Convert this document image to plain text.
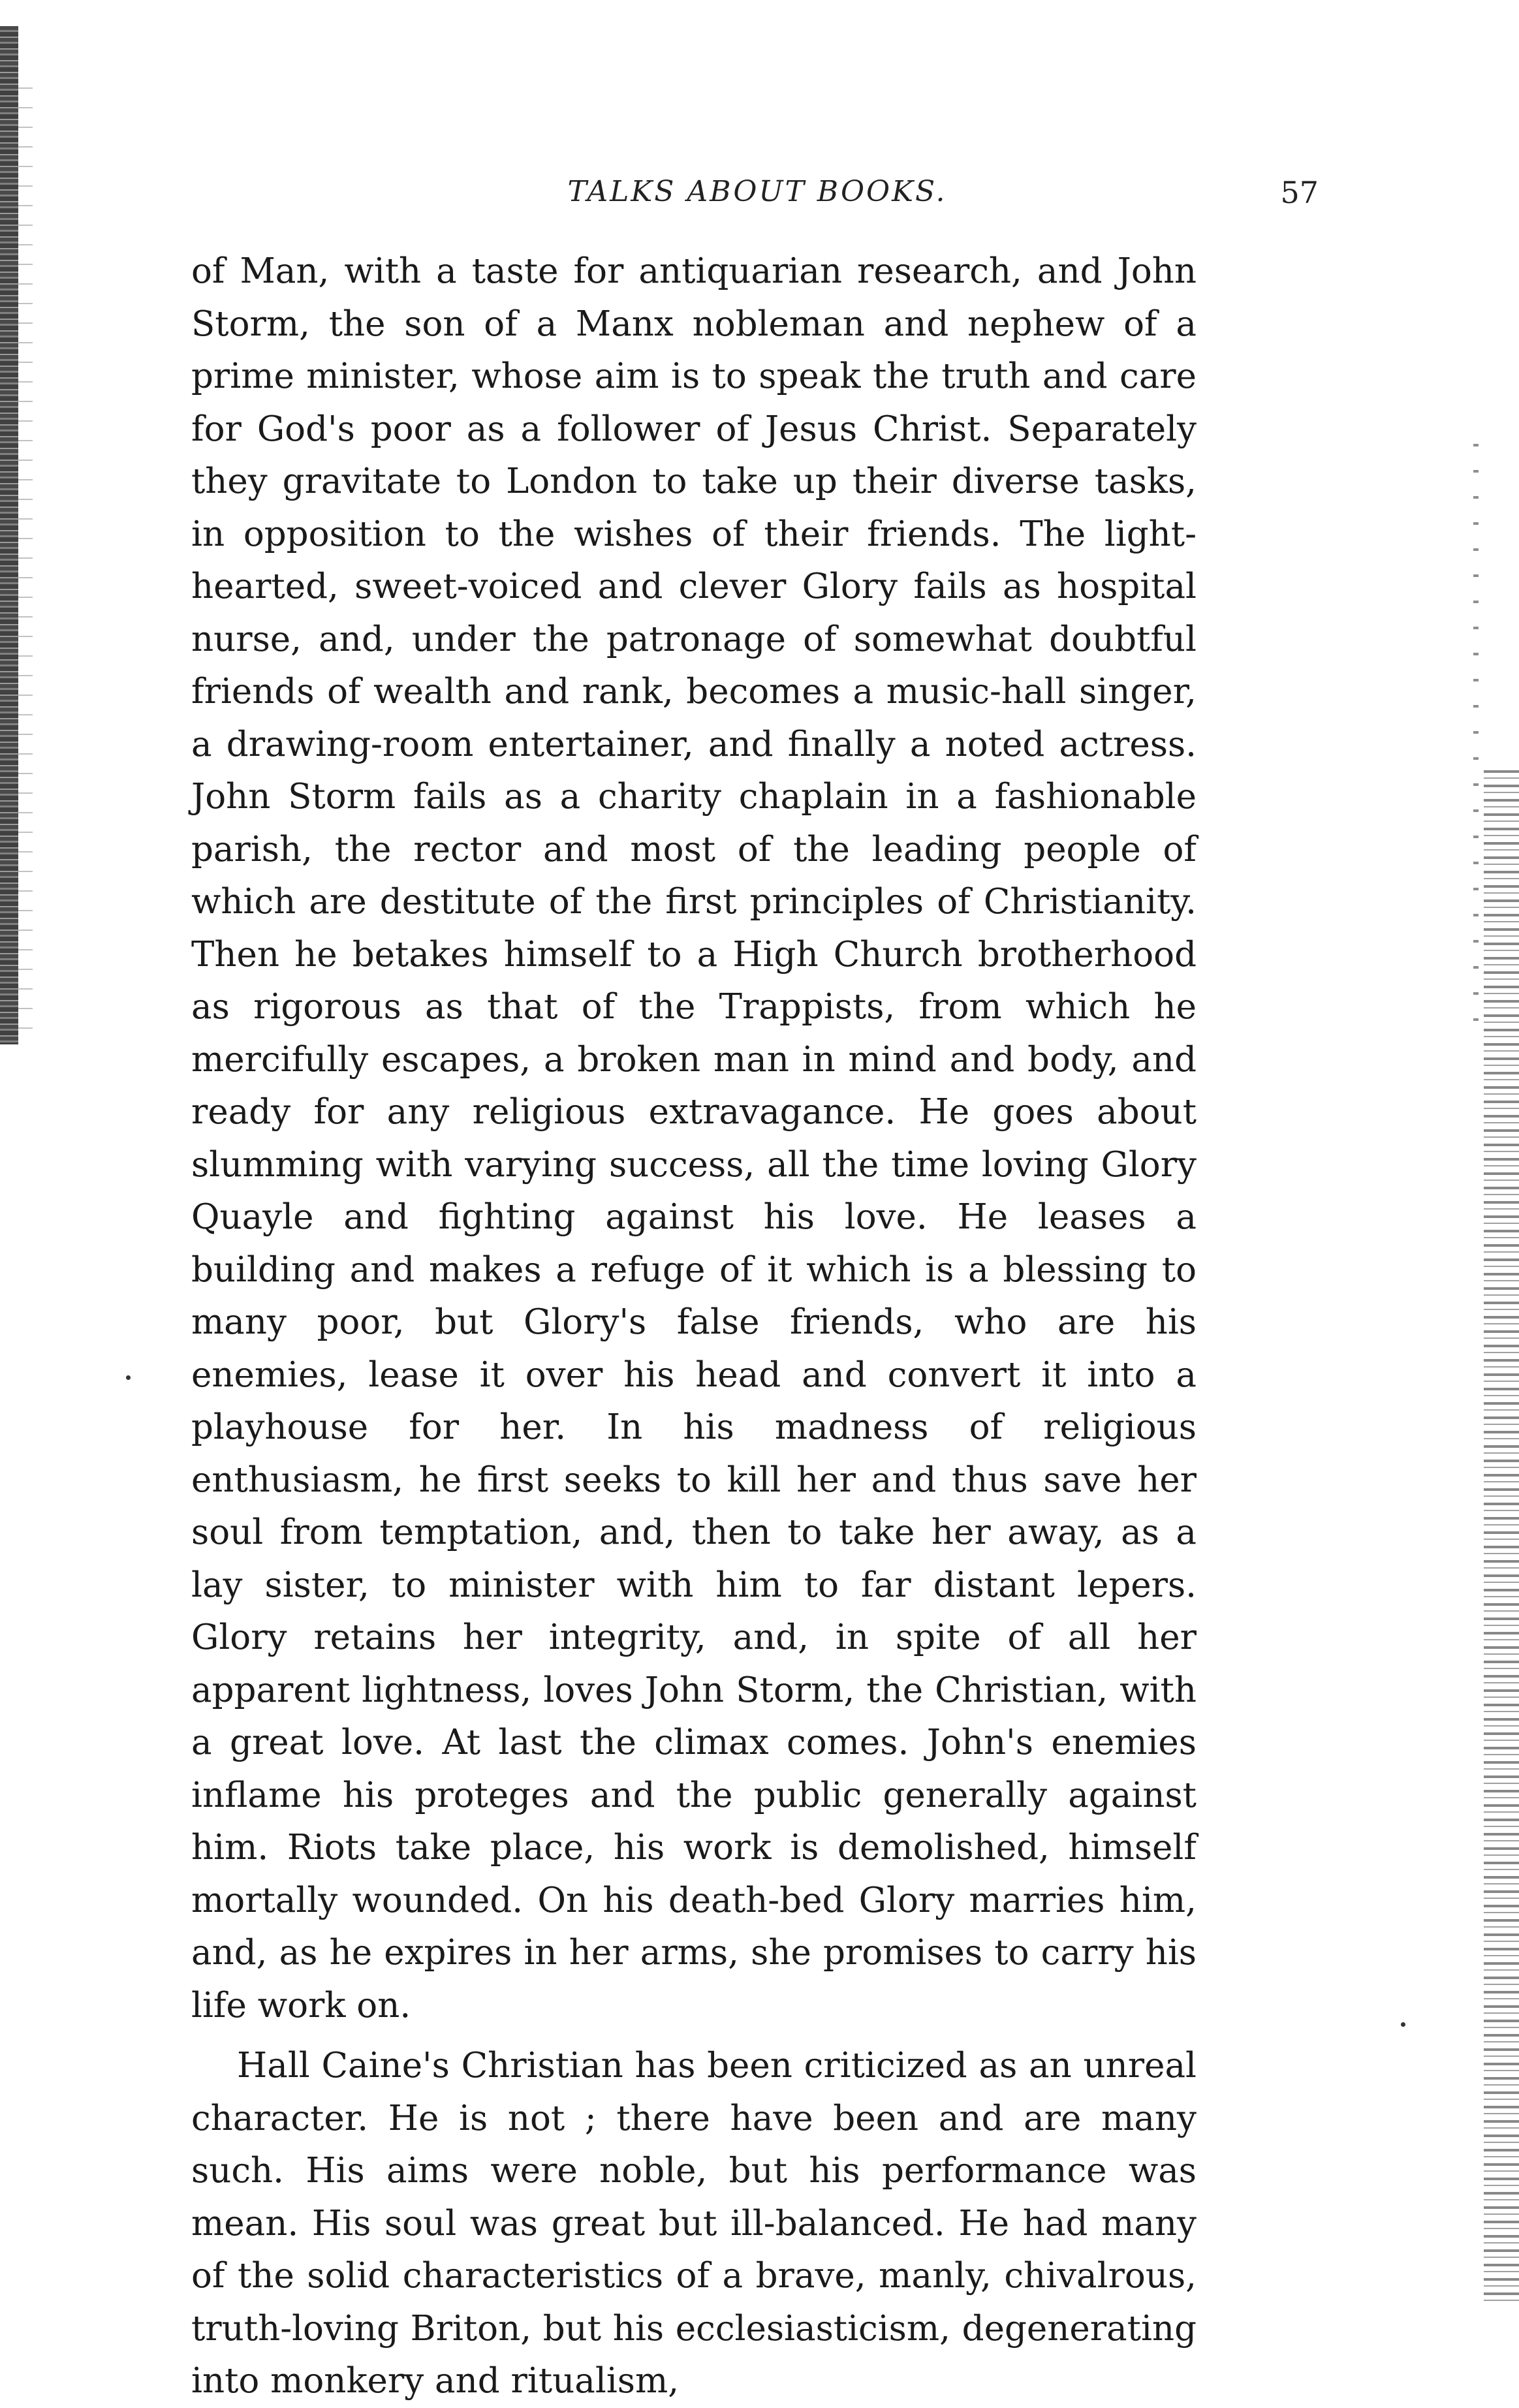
TALKS ABOUT BOOKS.	57

of Man, with a taste for antiquarian research, and John Storm, the son of a Manx nobleman and nephew of a prime minister, whose aim is to speak the truth and care for God's poor as a follower of Jesus Christ. Separately they gravitate to London to take up their diverse tasks, in opposition to the wishes of their friends. The light-hearted, sweet-voiced and clever Glory fails as hospital nurse, and, under the patronage of somewhat doubtful friends of wealth and rank, becomes a music-hall singer, a drawing-room entertainer, and finally a noted actress. John Storm fails as a charity chaplain in a fashionable parish, the rector and most of the leading people of which are destitute of the first principles of Christianity. Then he betakes himself to a High Church brotherhood as rigorous as that of the Trappists, from which he mercifully escapes, a broken man in mind and body, and ready for any religious extravagance. He goes about slumming with varying success, all the time loving Glory Quayle and fighting against his love. He leases a building and makes a refuge of it which is a blessing to many poor, but Glory's false friends, who are his enemies, lease it over his head and convert it into a playhouse for her. In his madness of religious enthusiasm, he first seeks to kill her and thus save her soul from temptation, and, then to take her away, as a lay sister, to minister with him to far distant lepers. Glory retains her integrity, and, in spite of all her apparent lightness, loves John Storm, the Christian, with a great love. At last the climax comes. John's enemies inflame his proteges and the public generally against him. Riots take place, his work is demolished, himself mortally wounded. On his death-bed Glory marries him, and, as he expires in her arms, she promises to carry his life work on.

Hall Caine's Christian has been criticized as an unreal character. He is not ; there have been and are many such. His aims were noble, but his performance was mean. His soul was great but ill-balanced. He had many of the solid characteristics of a brave, manly, chivalrous, truth-loving Briton, but his ecclesiasticism, degenerating into monkery and ritualism,
